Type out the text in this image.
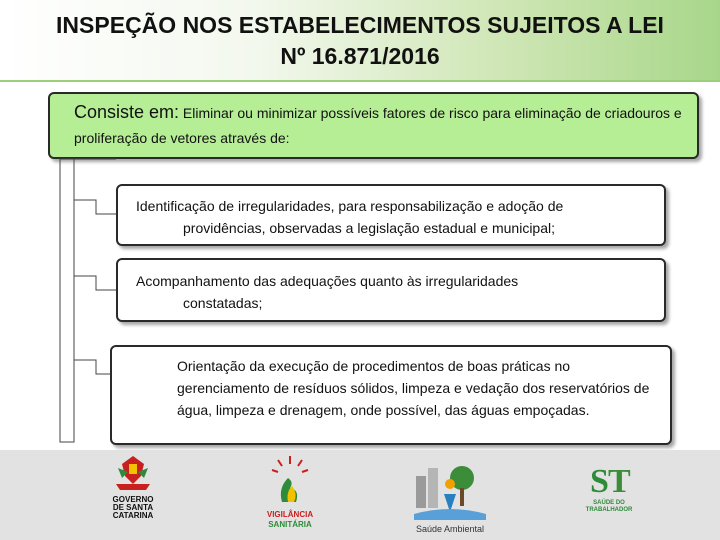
INSPEÇÃO NOS ESTABELECIMENTOS SUJEITOS A LEI
Nº 16.871/2016
Consiste em: Eliminar ou minimizar possíveis fatores de risco para eliminação de criadouros e proliferação de vetores através de:
Identificação de irregularidades, para responsabilização e adoção de
providências, observadas a legislação estadual e municipal;
Acompanhamento das adequações quanto às irregularidades
constatadas;
Orientação da execução de procedimentos de boas práticas no gerenciamento de resíduos sólidos, limpeza e vedação dos reservatórios de água, limpeza e drenagem, onde possível, das águas empoçadas.
GOVERNO
DE SANTA
CATARINA	VIGILÂNCIA
SANITÁRIA	Saúde Ambiental
S T
SAÚDE DO
TRABALHADOR
